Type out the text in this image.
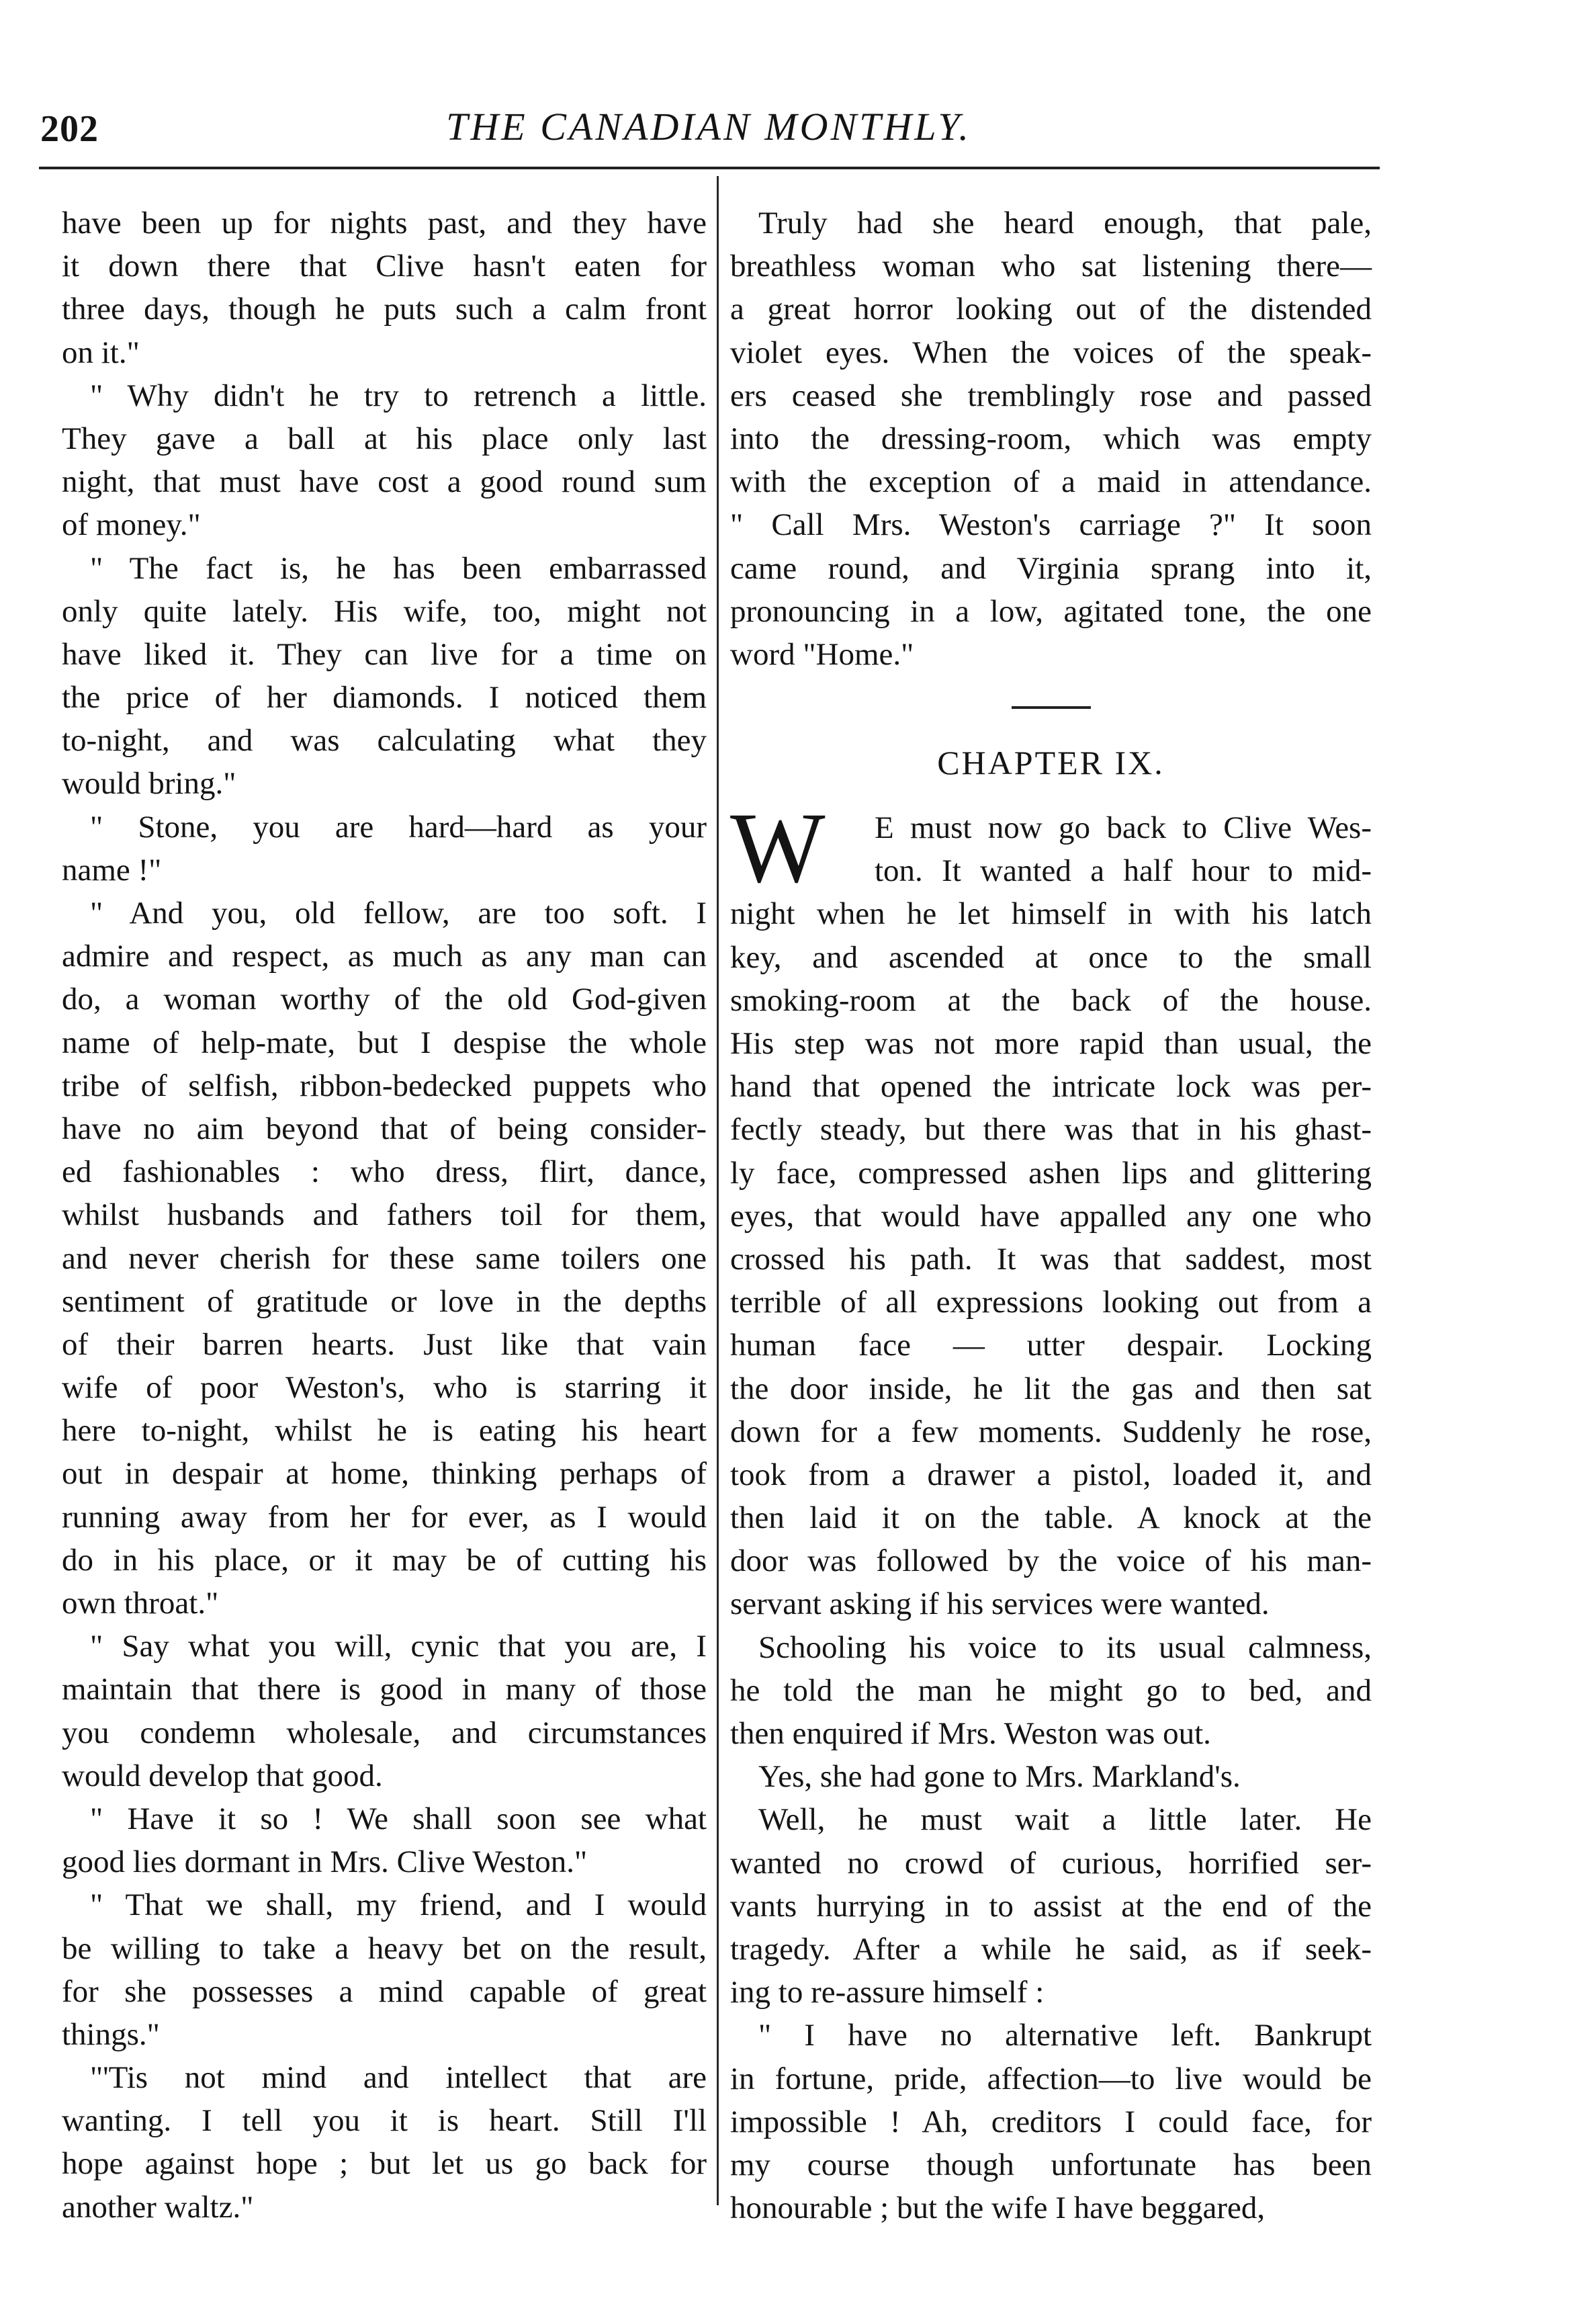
202	THE CANADIAN MONTHLY.
have been up for nights past, and they have
it down there that Clive hasn't eaten for
three days, though he puts such a calm front
on it."
" Why didn't he try to retrench a little.
They gave a ball at his place only last
night, that must have cost a good round sum
of money."
" The fact is, he has been embarrassed
only quite lately. His wife, too, might not
have liked it. They can live for a time on
the price of her diamonds. I noticed them
to-night, and was calculating what they
would bring."
" Stone, you are hard—hard as your
name !"
" And you, old fellow, are too soft. I
admire and respect, as much as any man can
do, a woman worthy of the old God-given
name of help-mate, but I despise the whole
tribe of selfish, ribbon-bedecked puppets who
have no aim beyond that of being consider-
ed fashionables : who dress, flirt, dance,
whilst husbands and fathers toil for them,
and never cherish for these same toilers one
sentiment of gratitude or love in the depths
of their barren hearts. Just like that vain
wife of poor Weston's, who is starring it
here to-night, whilst he is eating his heart
out in despair at home, thinking perhaps of
running away from her for ever, as I would
do in his place, or it may be of cutting his
own throat."
" Say what you will, cynic that you are, I
maintain that there is good in many of those
you condemn wholesale, and circumstances
would develop that good.
" Have it so ! We shall soon see what
good lies dormant in Mrs. Clive Weston."
" That we shall, my friend, and I would
be willing to take a heavy bet on the result,
for she possesses a mind capable of great
things."
"'Tis not mind and intellect that are
wanting. I tell you it is heart. Still I'll
hope against hope ; but let us go back for
another waltz."
Truly had she heard enough, that pale,
breathless woman who sat listening there—
a great horror looking out of the distended
violet eyes. When the voices of the speak-
ers ceased she tremblingly rose and passed
into the dressing-room, which was empty
with the exception of a maid in attendance.
" Call Mrs. Weston's carriage ?" It soon
came round, and Virginia sprang into it,
pronouncing in a low, agitated tone, the one
word "Home."
CHAPTER IX.
W	E must now go back to Clive Wes-
ton. It wanted a half hour to mid-
night when he let himself in with his latch
key, and ascended at once to the small
smoking-room at the back of the house.
His step was not more rapid than usual, the
hand that opened the intricate lock was per-
fectly steady, but there was that in his ghast-
ly face, compressed ashen lips and glittering
eyes, that would have appalled any one who
crossed his path. It was that saddest, most
terrible of all expressions looking out from a
human face — utter despair. Locking
the door inside, he lit the gas and then sat
down for a few moments. Suddenly he rose,
took from a drawer a pistol, loaded it, and
then laid it on the table. A knock at the
door was followed by the voice of his man-
servant asking if his services were wanted.
Schooling his voice to its usual calmness,
he told the man he might go to bed, and
then enquired if Mrs. Weston was out.
Yes, she had gone to Mrs. Markland's.
Well, he must wait a little later. He
wanted no crowd of curious, horrified ser-
vants hurrying in to assist at the end of the
tragedy. After a while he said, as if seek-
ing to re-assure himself :
" I have no alternative left. Bankrupt
in fortune, pride, affection—to live would be
impossible ! Ah, creditors I could face, for
my course though unfortunate has been
honourable ; but the wife I have beggared,
